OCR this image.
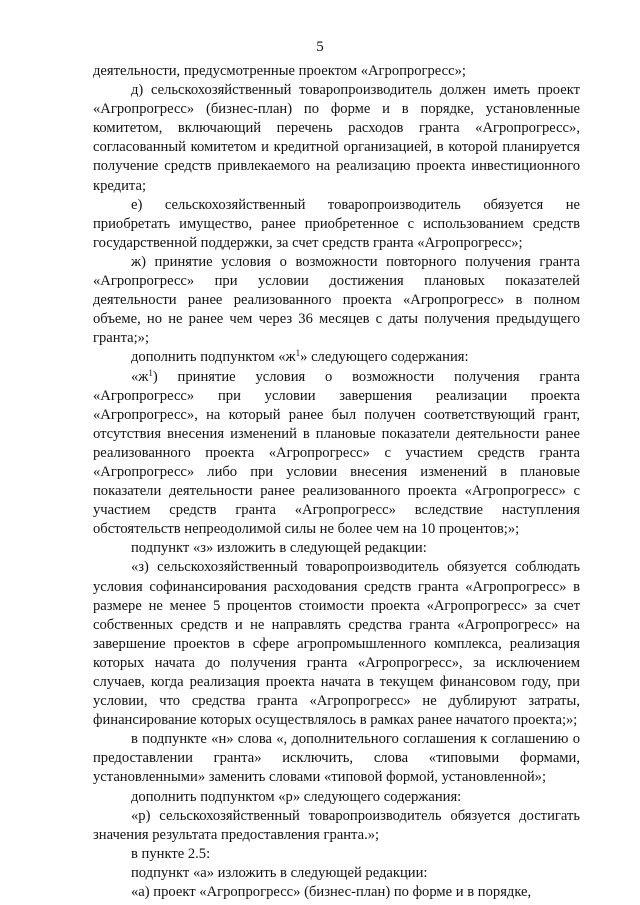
5

деятельности, предусмотренные проектом «Агропрогресс»;

д) сельскохозяйственный товаропроизводитель должен иметь проект «Агропрогресс» (бизнес-план) по форме и в порядке, установленные комитетом, включающий перечень расходов гранта «Агропрогресс», согласованный комитетом и кредитной организацией, в которой планируется получение средств привлекаемого на реализацию проекта инвестиционного кредита;

е) сельскохозяйственный товаропроизводитель обязуется не приобретать имущество, ранее приобретенное с использованием средств государственной поддержки, за счет средств гранта «Агропрогресс»;

ж) принятие условия о возможности повторного получения гранта «Агропрогресс» при условии достижения плановых показателей деятельности ранее реализованного проекта «Агропрогресс» в полном объеме, но не ранее чем через 36 месяцев с даты получения предыдущего гранта;»;

дополнить подпунктом «$ж^1$» следующего содержания:

«$ж^1$) принятие условия о возможности получения гранта «Агропрогресс» при условии завершения реализации проекта «Агропрогресс», на который ранее был получен соответствующий грант, отсутствия внесения изменений в плановые показатели деятельности ранее реализованного проекта «Агропрогресс» с участием средств гранта «Агропрогресс» либо при условии внесения изменений в плановые показатели деятельности ранее реализованного проекта «Агропрогресс» с участием средств гранта «Агропрогресс» вследствие наступления обстоятельств непреодолимой силы не более чем на 10 процентов;»;

подпункт «з» изложить в следующей редакции:

«з) сельскохозяйственный товаропроизводитель обязуется соблюдать условия софинансирования расходования средств гранта «Агропрогресс» в размере не менее 5 процентов стоимости проекта «Агропрогресс» за счет собственных средств и не направлять средства гранта «Агропрогресс» на завершение проектов в сфере агропромышленного комплекса, реализация которых начата до получения гранта «Агропрогресс», за исключением случаев, когда реализация проекта начата в текущем финансовом году, при условии, что средства гранта «Агропрогресс» не дублируют затраты, финансирование которых осуществлялось в рамках ранее начатого проекта;»;

в подпункте «н» слова «, дополнительного соглашения к соглашению о предоставлении гранта» исключить, слова «типовыми формами, установленными» заменить словами «типовой формой, установленной»;

дополнить подпунктом «р» следующего содержания:

«р) сельскохозяйственный товаропроизводитель обязуется достигать значения результата предоставления гранта.»;

в пункте 2.5:

подпункт «а» изложить в следующей редакции:

«а) проект «Агропрогресс» (бизнес-план) по форме и в порядке,
